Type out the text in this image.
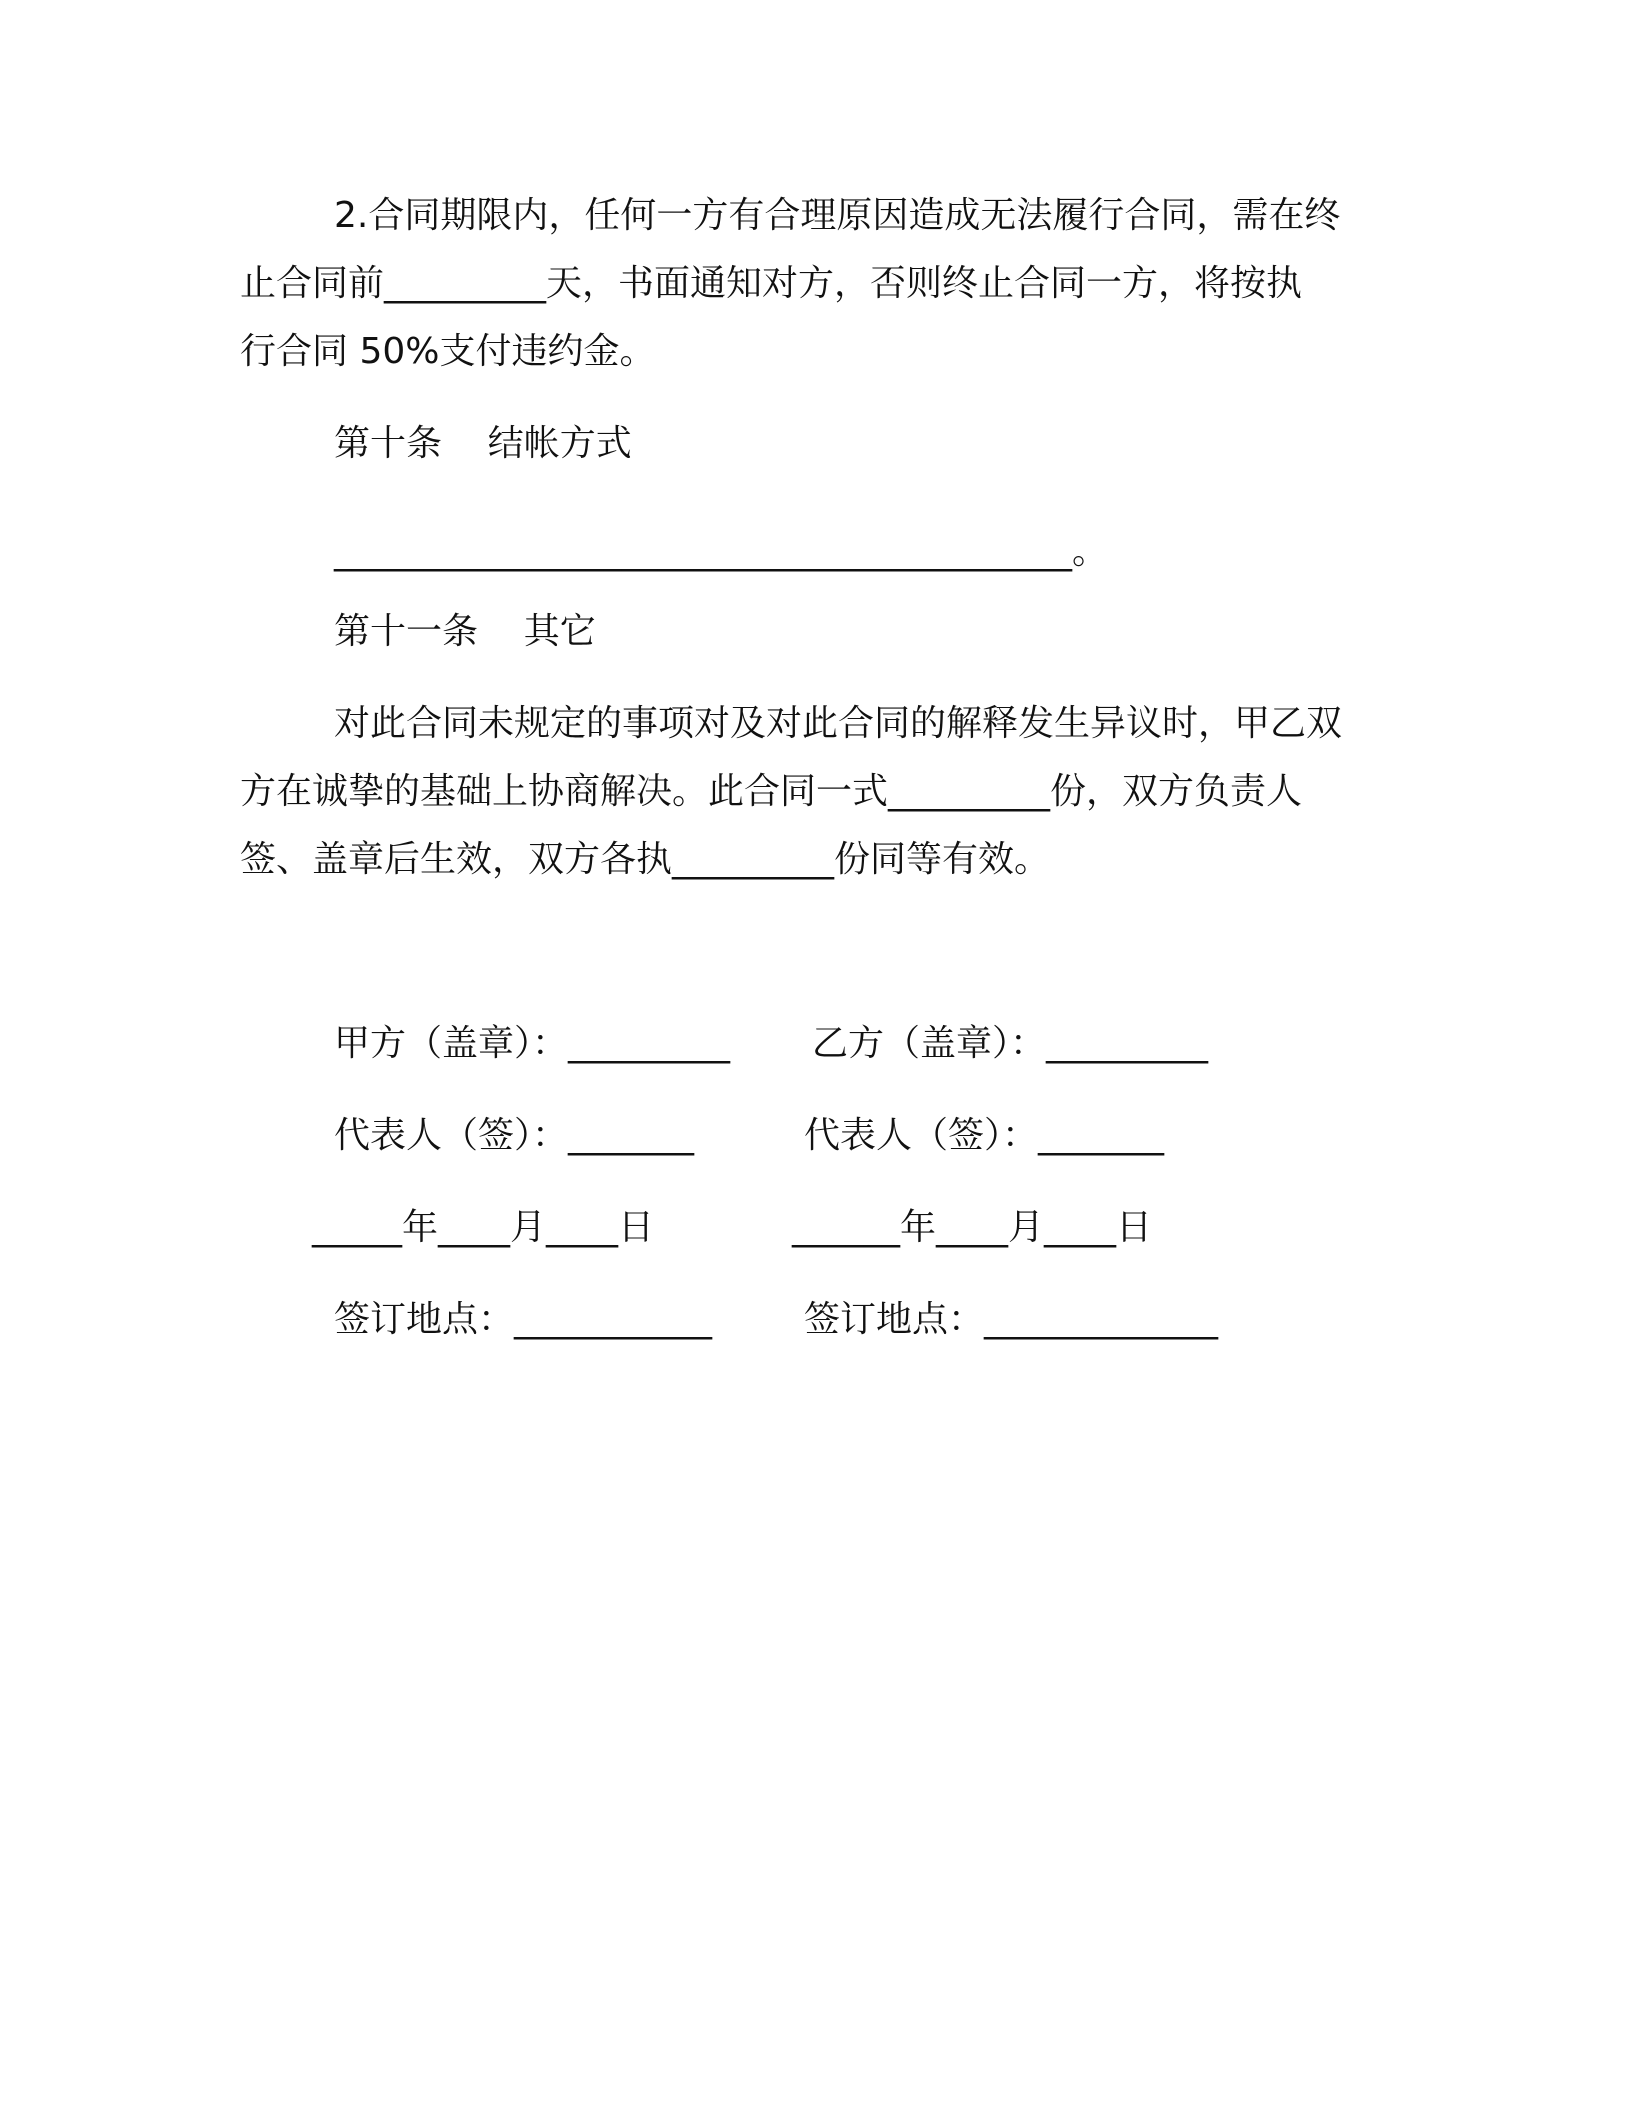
2.合同期限内，任何一方有合理原因造成无法履行合同，需在终
止合同前_________天，书面通知对方，否则终止合同一方，将按执
行合同 50%支付违约金。
第十条    结帐方式
_________________________________________。
第十一条    其它
对此合同未规定的事项对及对此合同的解释发生异议时，甲乙双
方在诚挚的基础上协商解决。此合同一式_________份，双方负责人
签、盖章后生效，双方各执_________份同等有效。
甲方（盖章）：_________ 乙方（盖章）：_________
代表人（签）：_______	代表人（签）：_______
_____年____月____日	______年____月____日
签订地点：___________	签订地点：_____________
